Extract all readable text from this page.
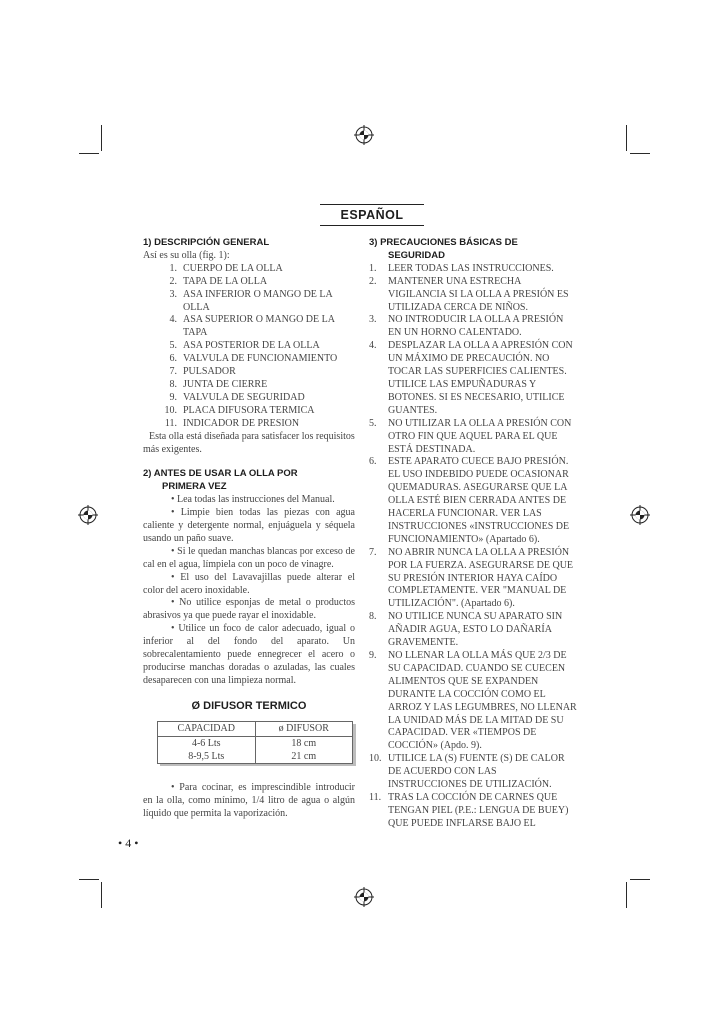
ESPAÑOL
1) DESCRIPCIÓN GENERAL

Así es su olla (fig. 1):

1. CUERPO DE LA OLLA
2. TAPA DE LA OLLA
3. ASA INFERIOR O MANGO DE LA OLLA
4. ASA SUPERIOR O MANGO DE LA TAPA
5. ASA POSTERIOR DE LA OLLA
6. VALVULA DE FUNCIONAMIENTO
7. PULSADOR
8. JUNTA DE CIERRE
9. VALVULA DE SEGURIDAD
10. PLACA DIFUSORA TERMICA
11. INDICADOR DE PRESION

Esta olla está diseñada para satisfacer los requisitos más exigentes.

2) ANTES DE USAR LA OLLA POR
PRIMERA VEZ

• Lea todas las instrucciones del Manual.

• Limpie bien todas las piezas con agua caliente y detergente normal, enjuáguela y séquela usando un paño suave.

• Si le quedan manchas blancas por exceso de cal en el agua, límpiela con un poco de vinagre.

• El uso del Lavavajillas puede alterar el color del acero inoxidable.

• No utilice esponjas de metal o productos abrasivos ya que puede rayar el inoxidable.

• Utilice un foco de calor adecuado, igual o inferior al del fondo del aparato. Un sobrecalentamiento puede ennegrecer el acero o producirse manchas doradas o azuladas, las cuales desaparecen con una limpieza normal.

Ø DIFUSOR TERMICO
CAPACIDAD	ø DIFUSOR
4-6 Lts	18 cm
8-9,5 Lts	21 cm

• Para cocinar, es imprescindible introducir en la olla, como mínimo, 1/4 litro de agua o algún líquido que permita la vaporización.

3) PRECAUCIONES BÁSICAS DE
SEGURIDAD
1.	LEER TODAS LAS INSTRUCCIONES.
2.	MANTENER UNA ESTRECHA VIGILANCIA SI LA OLLA A PRESIÓN ES UTILIZADA CERCA DE NIÑOS.
3.	NO INTRODUCIR LA OLLA A PRESIÓN EN UN HORNO CALENTADO.
4.	DESPLAZAR LA OLLA A APRESIÓN CON UN MÁXIMO DE PRECAUCIÓN. NO TOCAR LAS SUPERFICIES CALIENTES. UTILICE LAS EMPUÑADURAS Y BOTONES. SI ES NECESARIO, UTILICE GUANTES.
5.	NO UTILIZAR LA OLLA A PRESIÓN CON OTRO FIN QUE AQUEL PARA EL QUE ESTÁ DESTINADA.
6.	ESTE APARATO CUECE BAJO PRESIÓN. EL USO INDEBIDO PUEDE OCASIONAR QUEMADURAS. ASEGURARSE QUE LA OLLA ESTÉ BIEN CERRADA ANTES DE HACERLA FUNCIONAR. VER LAS INSTRUCCIONES «INSTRUCCIONES DE FUNCIONAMIENTO» (Apartado 6).
7.	NO ABRIR NUNCA LA OLLA A PRESIÓN POR LA FUERZA. ASEGURARSE DE QUE SU PRESIÓN INTERIOR HAYA CAÍDO COMPLETAMENTE. VER "MANUAL DE UTILIZACIÓN". (Apartado 6).
8.	NO UTILICE NUNCA SU APARATO SIN AÑADIR AGUA, ESTO LO DAÑARÍA GRAVEMENTE.
9.	NO LLENAR LA OLLA MÁS QUE 2/3 DE SU CAPACIDAD. CUANDO SE CUECEN ALIMENTOS QUE SE EXPANDEN DURANTE LA COCCIÓN COMO EL ARROZ Y LAS LEGUMBRES, NO LLENAR LA UNIDAD MÁS DE LA MITAD DE SU CAPACIDAD. VER «TIEMPOS DE COCCIÓN» (Apdo. 9).
10. UTILICE LA (S) FUENTE (S) DE CALOR DE ACUERDO CON LAS INSTRUCCIONES DE UTILIZACIÓN.
11. TRAS LA COCCIÓN DE CARNES QUE TENGAN PIEL (P.E.: LENGUA DE BUEY) QUE PUEDE INFLARSE BAJO EL
• 4 •
